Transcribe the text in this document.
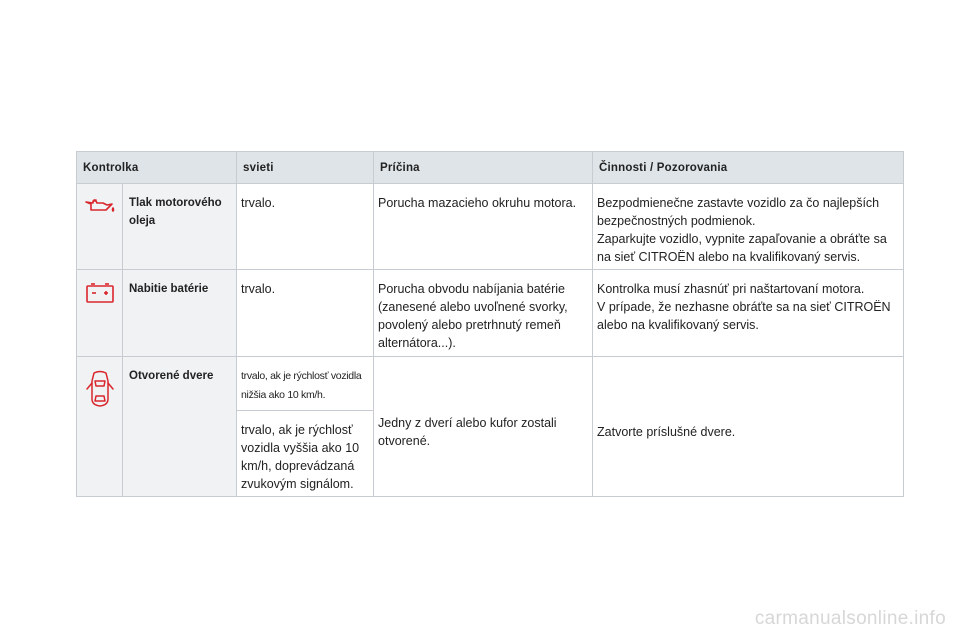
Kontrolka		svieti	Príčina	Činnosti / Pozorovania
	Tlak motorového oleja	trvalo.	Porucha mazacieho okruhu motora.	Bezpodmienečne zastavte vozidlo za čo najlepších bezpečnostných podmienok.
Zaparkujte vozidlo, vypnite zapaľovanie a obráťte sa na sieť CITROËN alebo na kvalifikovaný servis.
	Nabitie batérie	trvalo.	Porucha obvodu nabíjania batérie (zanesené alebo uvoľnené svorky, povolený alebo pretrhnutý remeň alternátora...).	Kontrolka musí zhasnúť pri naštartovaní motora.
V prípade, že nezhasne obráťte sa na sieť CITROËN alebo na kvalifikovaný servis.
	Otvorené dvere	trvalo, ak je rýchlosť vozidla nižšia ako 10 km/h.	Jedny z dverí alebo kufor zostali otvorené.	Zatvorte príslušné dvere.
		trvalo, ak je rýchlosť vozidla vyššia ako 10 km/h, doprevádzaná zvukovým signálom.		
carmanualsonline.info
